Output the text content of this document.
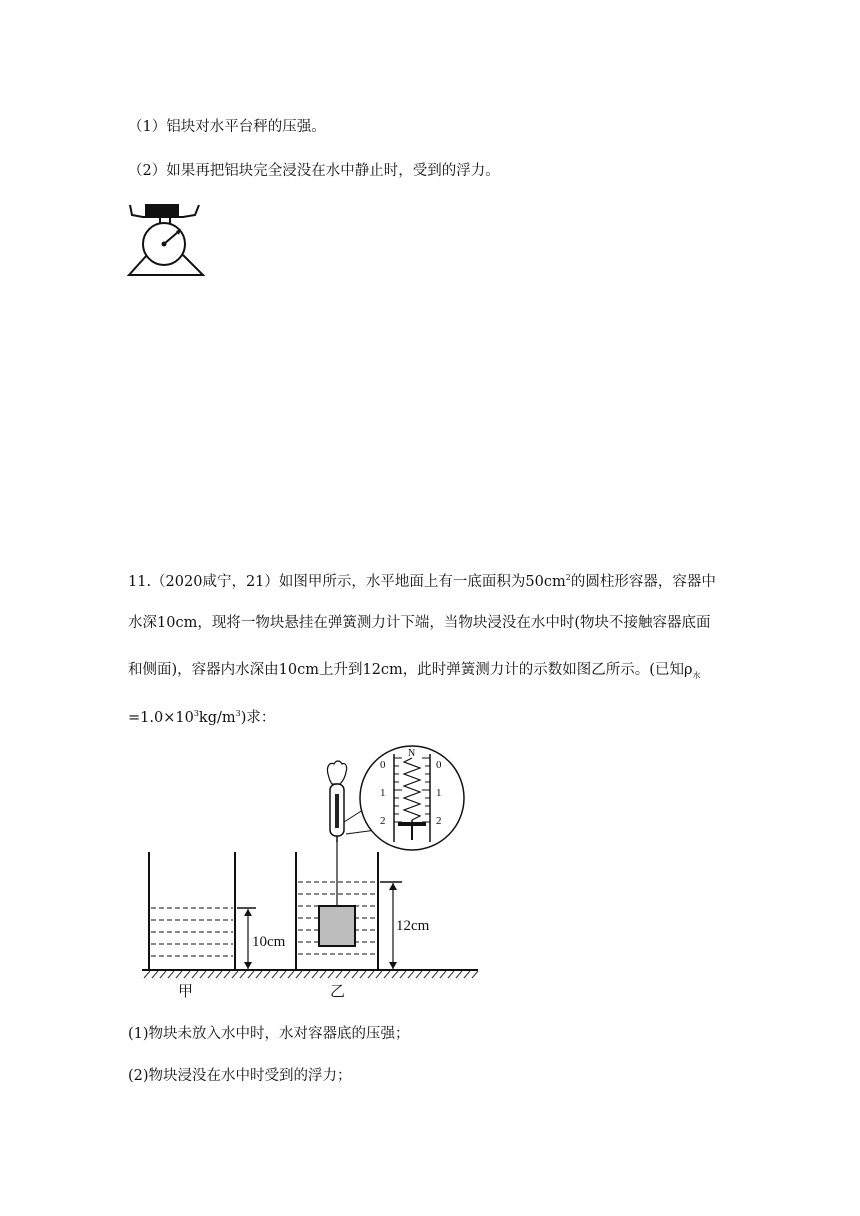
（1）铝块对水平台秤的压强。
（2）如果再把铝块完全浸没在水中静止时，受到的浮力。
11.（2020咸宁，21）如图甲所示，水平地面上有一底面积为$50cm^2$的圆柱形容器，容器中
水深10cm，现将一物块悬挂在弹簧测力计下端，当物块浸没在水中时(物块不接触容器底面
和侧面)，容器内水深由10cm上升到12cm，此时弹簧测力计的示数如图乙所示。(已知$\rho_水$
$=1.0\times 10^3kg/m^3$)求：
10cm
12cm
N
0
1
2
0
1
2
甲	乙
(1)物块未放入水中时，水对容器底的压强；
(2)物块浸没在水中时受到的浮力；
